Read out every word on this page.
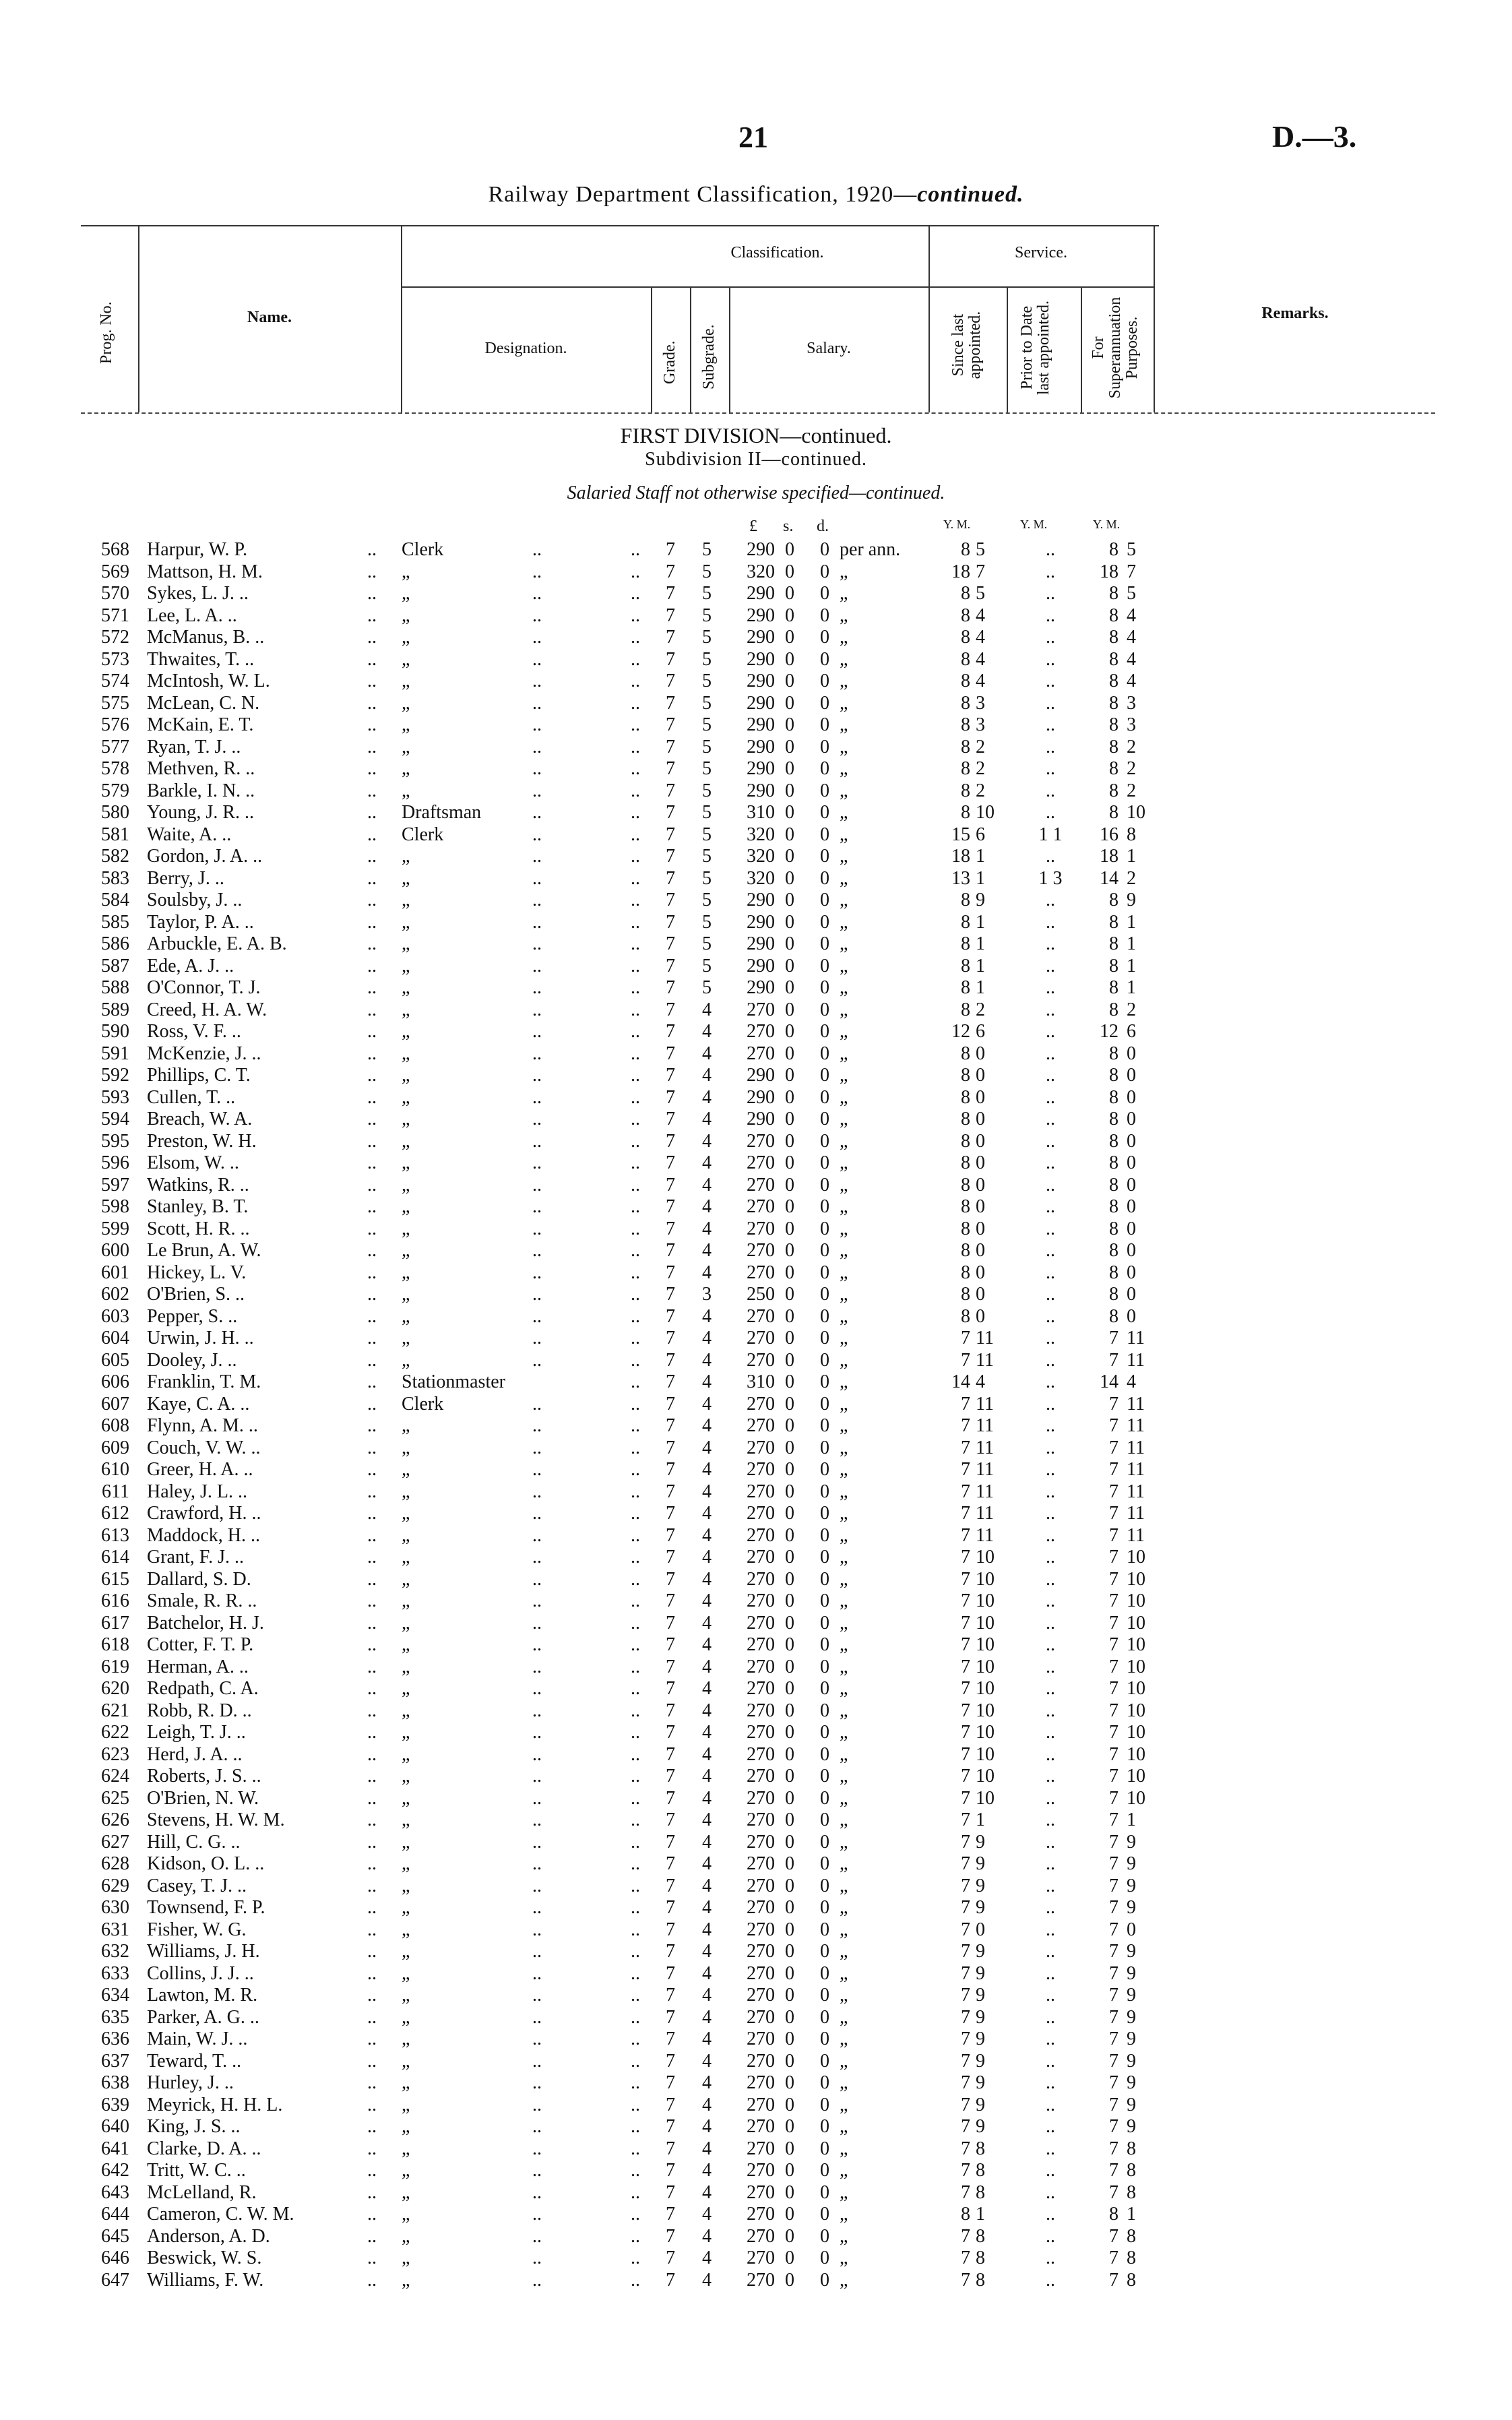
21	D.—3.
Railway Department Classification, 1920—continued.
Prog. No.	Name.
Classification.	Service.
Designation.	Grade. Subgrade.	Salary.	Since last appointed. Prior to Date last appointed. For Superannuation Purposes.
Remarks.
FIRST DIVISION—continued.
Subdivision II—continued.
Salaried Staff not otherwise specified—continued.
£ s. d.	Y. M.	Y. M.	Y. M.
568 Harpur, W. P.	.. Clerk	..	.. 7 5	290 0 0 per ann.	8 5	..	8 5
569 Mattson, H. M.	.. „	..	.. 7 5	320 0 0 „	18 7	..	18 7
570 Sykes, L. J. ..	.. „	..	.. 7 5	290 0 0 „	8 5	..	8 5
571 Lee, L. A. ..	.. „	..	.. 7 5	290 0 0 „	8 4	..	8 4
572 McManus, B. ..	.. „	..	.. 7 5	290 0 0 „	8 4	..	8 4
573 Thwaites, T. ..	.. „	..	.. 7 5	290 0 0 „	8 4	..	8 4
574 McIntosh, W. L.	.. „	..	.. 7 5	290 0 0 „	8 4	..	8 4
575 McLean, C. N.	.. „	..	.. 7 5	290 0 0 „	8 3	..	8 3
576 McKain, E. T.	.. „	..	.. 7 5	290 0 0 „	8 3	..	8 3
577 Ryan, T. J. ..	.. „	..	.. 7 5	290 0 0 „	8 2	..	8 2
578 Methven, R. ..	.. „	..	.. 7 5	290 0 0 „	8 2	..	8 2
579 Barkle, I. N. ..	.. „	..	.. 7 5	290 0 0 „	8 2	..	8 2
580 Young, J. R. ..	.. Draftsman	..	.. 7 5	310 0 0 „	8 10	..	8 10
581 Waite, A. ..	.. Clerk	..	.. 7 5	320 0 0 „	15 6	1 1	16 8
582 Gordon, J. A. ..	.. „	..	.. 7 5	320 0 0 „	18 1	..	18 1
583 Berry, J. ..	.. „	..	.. 7 5	320 0 0 „	13 1	1 3	14 2
584 Soulsby, J. ..	.. „	..	.. 7 5	290 0 0 „	8 9	..	8 9
585 Taylor, P. A. ..	.. „	..	.. 7 5	290 0 0 „	8 1	..	8 1
586 Arbuckle, E. A. B.	.. „	..	.. 7 5	290 0 0 „	8 1	..	8 1
587 Ede, A. J. ..	.. „	..	.. 7 5	290 0 0 „	8 1	..	8 1
588 O'Connor, T. J.	.. „	..	.. 7 5	290 0 0 „	8 1	..	8 1
589 Creed, H. A. W.	.. „	..	.. 7 4	270 0 0 „	8 2	..	8 2
590 Ross, V. F. ..	.. „	..	.. 7 4	270 0 0 „	12 6	..	12 6
591 McKenzie, J. ..	.. „	..	.. 7 4	270 0 0 „	8 0	..	8 0
592 Phillips, C. T.	.. „	..	.. 7 4	290 0 0 „	8 0	..	8 0
593 Cullen, T. ..	.. „	..	.. 7 4	290 0 0 „	8 0	..	8 0
594 Breach, W. A.	.. „	..	.. 7 4	290 0 0 „	8 0	..	8 0
595 Preston, W. H.	.. „	..	.. 7 4	270 0 0 „	8 0	..	8 0
596 Elsom, W. ..	.. „	..	.. 7 4	270 0 0 „	8 0	..	8 0
597 Watkins, R. ..	.. „	..	.. 7 4	270 0 0 „	8 0	..	8 0
598 Stanley, B. T.	.. „	..	.. 7 4	270 0 0 „	8 0	..	8 0
599 Scott, H. R. ..	.. „	..	.. 7 4	270 0 0 „	8 0	..	8 0
600 Le Brun, A. W.	.. „	..	.. 7 4	270 0 0 „	8 0	..	8 0
601 Hickey, L. V.	.. „	..	.. 7 4	270 0 0 „	8 0	..	8 0
602 O'Brien, S. ..	.. „	..	.. 7 3	250 0 0 „	8 0	..	8 0
603 Pepper, S. ..	.. „	..	.. 7 4	270 0 0 „	8 0	..	8 0
604 Urwin, J. H. ..	.. „	..	.. 7 4	270 0 0 „	7 11	..	7 11
605 Dooley, J. ..	.. „	..	.. 7 4	270 0 0 „	7 11	..	7 11
606 Franklin, T. M.	.. Stationmaster	.. 7 4	310 0 0 „	14 4	..	14 4
607 Kaye, C. A. ..	.. Clerk	..	.. 7 4	270 0 0 „	7 11	..	7 11
608 Flynn, A. M. ..	.. „	..	.. 7 4	270 0 0 „	7 11	..	7 11
609 Couch, V. W. ..	.. „	..	.. 7 4	270 0 0 „	7 11	..	7 11
610 Greer, H. A. ..	.. „	..	.. 7 4	270 0 0 „	7 11	..	7 11
611 Haley, J. L. ..	.. „	..	.. 7 4	270 0 0 „	7 11	..	7 11
612 Crawford, H. ..	.. „	..	.. 7 4	270 0 0 „	7 11	..	7 11
613 Maddock, H. ..	.. „	..	.. 7 4	270 0 0 „	7 11	..	7 11
614 Grant, F. J. ..	.. „	..	.. 7 4	270 0 0 „	7 10	..	7 10
615 Dallard, S. D.	.. „	..	.. 7 4	270 0 0 „	7 10	..	7 10
616 Smale, R. R. ..	.. „	..	.. 7 4	270 0 0 „	7 10	..	7 10
617 Batchelor, H. J.	.. „	..	.. 7 4	270 0 0 „	7 10	..	7 10
618 Cotter, F. T. P.	.. „	..	.. 7 4	270 0 0 „	7 10	..	7 10
619 Herman, A. ..	.. „	..	.. 7 4	270 0 0 „	7 10	..	7 10
620 Redpath, C. A.	.. „	..	.. 7 4	270 0 0 „	7 10	..	7 10
621 Robb, R. D. ..	.. „	..	.. 7 4	270 0 0 „	7 10	..	7 10
622 Leigh, T. J. ..	.. „	..	.. 7 4	270 0 0 „	7 10	..	7 10
623 Herd, J. A. ..	.. „	..	.. 7 4	270 0 0 „	7 10	..	7 10
624 Roberts, J. S. ..	.. „	..	.. 7 4	270 0 0 „	7 10	..	7 10
625 O'Brien, N. W.	.. „	..	.. 7 4	270 0 0 „	7 10	..	7 10
626 Stevens, H. W. M.	.. „	..	.. 7 4	270 0 0 „	7 1	..	7 1
627 Hill, C. G. ..	.. „	..	.. 7 4	270 0 0 „	7 9	..	7 9
628 Kidson, O. L. ..	.. „	..	.. 7 4	270 0 0 „	7 9	..	7 9
629 Casey, T. J. ..	.. „	..	.. 7 4	270 0 0 „	7 9	..	7 9
630 Townsend, F. P.	.. „	..	.. 7 4	270 0 0 „	7 9	..	7 9
631 Fisher, W. G.	.. „	..	.. 7 4	270 0 0 „	7 0	..	7 0
632 Williams, J. H.	.. „	..	.. 7 4	270 0 0 „	7 9	..	7 9
633 Collins, J. J. ..	.. „	..	.. 7 4	270 0 0 „	7 9	..	7 9
634 Lawton, M. R.	.. „	..	.. 7 4	270 0 0 „	7 9	..	7 9
635 Parker, A. G. ..	.. „	..	.. 7 4	270 0 0 „	7 9	..	7 9
636 Main, W. J. ..	.. „	..	.. 7 4	270 0 0 „	7 9	..	7 9
637 Teward, T. ..	.. „	..	.. 7 4	270 0 0 „	7 9	..	7 9
638 Hurley, J. ..	.. „	..	.. 7 4	270 0 0 „	7 9	..	7 9
639 Meyrick, H. H. L.	.. „	..	.. 7 4	270 0 0 „	7 9	..	7 9
640 King, J. S. ..	.. „	..	.. 7 4	270 0 0 „	7 9	..	7 9
641 Clarke, D. A. ..	.. „	..	.. 7 4	270 0 0 „	7 8	..	7 8
642 Tritt, W. C. ..	.. „	..	.. 7 4	270 0 0 „	7 8	..	7 8
643 McLelland, R.	.. „	..	.. 7 4	270 0 0 „	7 8	..	7 8
644 Cameron, C. W. M.	.. „	..	.. 7 4	270 0 0 „	8 1	..	8 1
645 Anderson, A. D.	.. „	..	.. 7 4	270 0 0 „	7 8	..	7 8
646 Beswick, W. S.	.. „	..	.. 7 4	270 0 0 „	7 8	..	7 8
647 Williams, F. W.	.. „	..	.. 7 4	270 0 0 „	7 8	..	7 8
